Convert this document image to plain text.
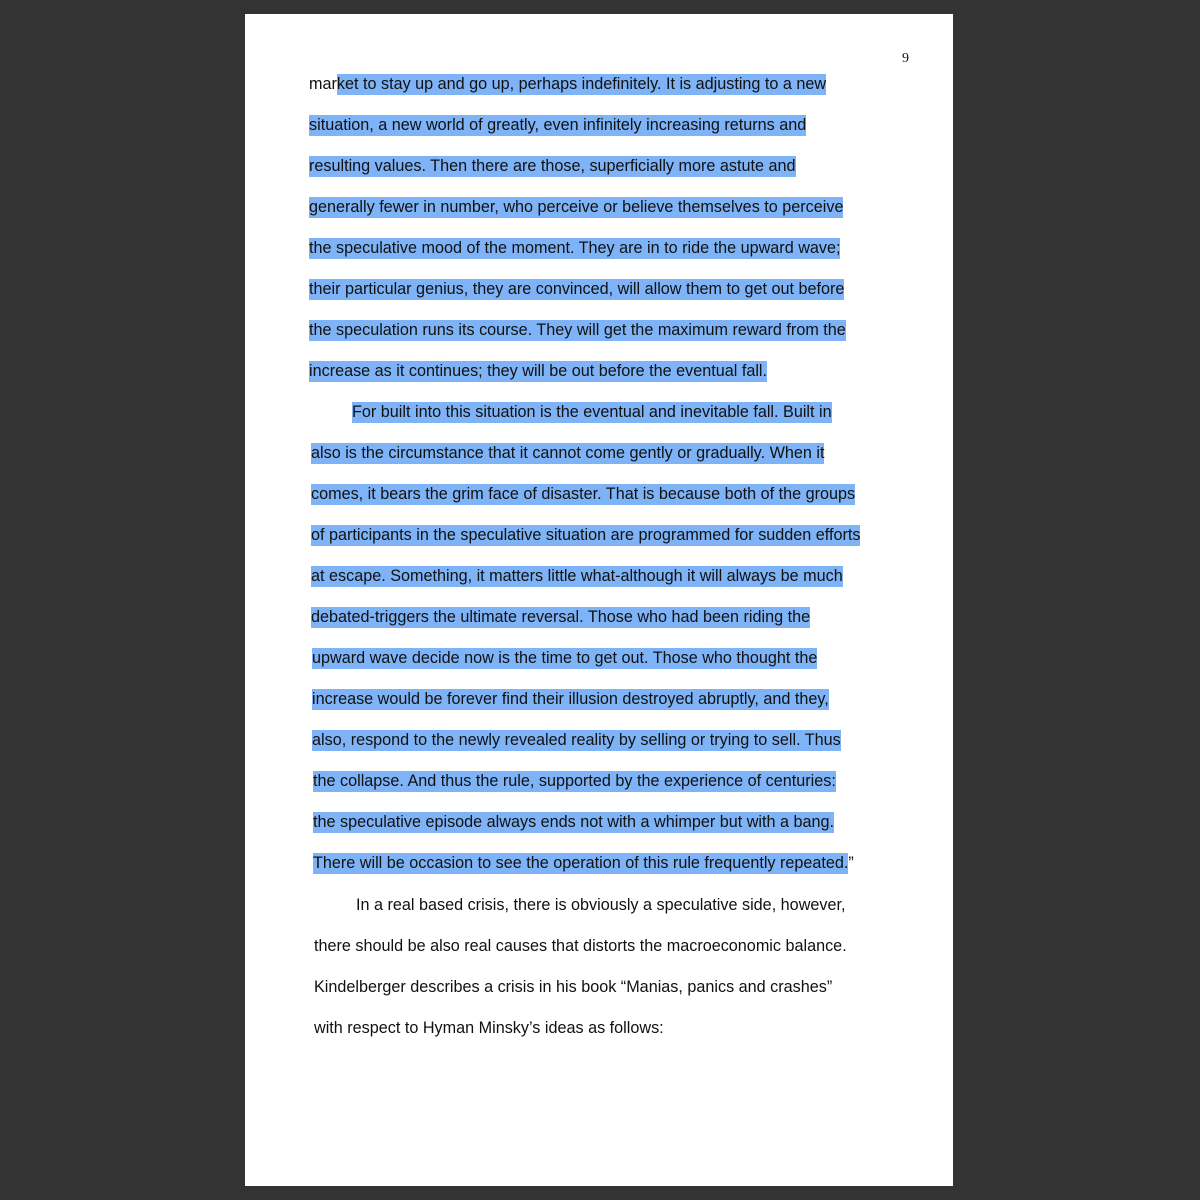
9
market to stay up and go up, perhaps indefinitely. It is adjusting to a new
situation, a new world of greatly, even infinitely increasing returns and
resulting values. Then there are those, superficially more astute and
generally fewer in number, who perceive or believe themselves to perceive
the speculative mood of the moment. They are in to ride the upward wave;
their particular genius, they are convinced, will allow them to get out before
the speculation runs its course. They will get the maximum reward from the
increase as it continues; they will be out before the eventual fall.
For built into this situation is the eventual and inevitable fall. Built in
also is the circumstance that it cannot come gently or gradually. When it
comes, it bears the grim face of disaster. That is because both of the groups
of participants in the speculative situation are programmed for sudden efforts
at escape. Something, it matters little what-although it will always be much
debated-triggers the ultimate reversal. Those who had been riding the
upward wave decide now is the time to get out. Those who thought the
increase would be forever find their illusion destroyed abruptly, and they,
also, respond to the newly revealed reality by selling or trying to sell. Thus
the collapse. And thus the rule, supported by the experience of centuries:
the speculative episode always ends not with a whimper but with a bang.
There will be occasion to see the operation of this rule frequently repeated.”
In a real based crisis, there is obviously a speculative side, however,
there should be also real causes that distorts the macroeconomic balance.
Kindelberger describes a crisis in his book “Manias, panics and crashes”
with respect to Hyman Minsky’s ideas as follows:
